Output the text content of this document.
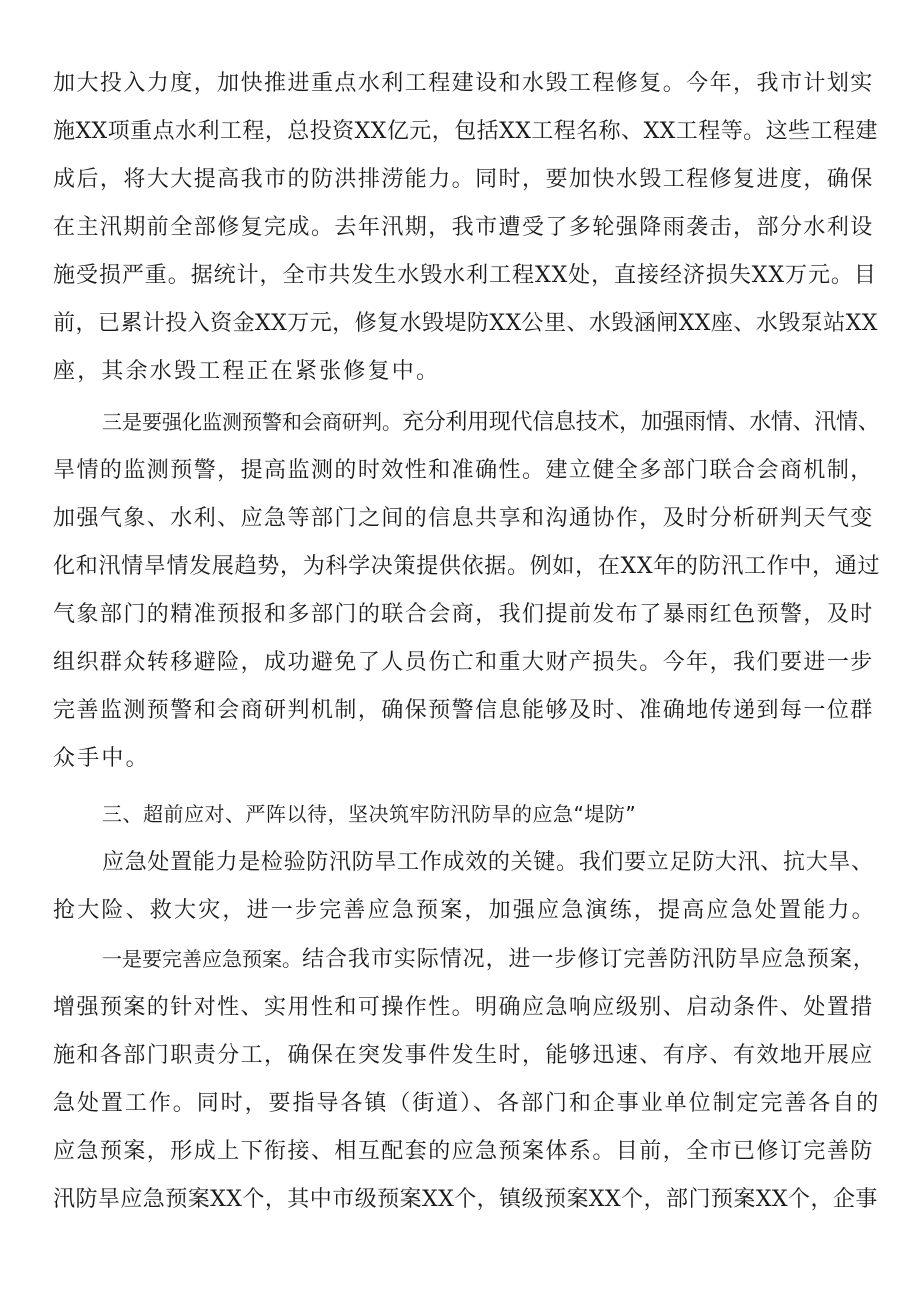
加大投入力度，加快推进重点水利工程建设和水毁工程修复。今年，我市计划实
施XX项重点水利工程，总投资XX亿元，包括XX工程名称、XX工程等。这些工程建
成后，将大大提高我市的防洪排涝能力。同时，要加快水毁工程修复进度，确保
在主汛期前全部修复完成。去年汛期，我市遭受了多轮强降雨袭击，部分水利设
施受损严重。据统计，全市共发生水毁水利工程XX处，直接经济损失XX万元。目
前，已累计投入资金XX万元，修复水毁堤防XX公里、水毁涵闸XX座、水毁泵站XX
座，其余水毁工程正在紧张修复中。
三是要强化监测预警和会商研判。充分利用现代信息技术，加强雨情、水情、汛情、
旱情的监测预警，提高监测的时效性和准确性。建立健全多部门联合会商机制，
加强气象、水利、应急等部门之间的信息共享和沟通协作，及时分析研判天气变
化和汛情旱情发展趋势，为科学决策提供依据。例如，在XX年的防汛工作中，通过
气象部门的精准预报和多部门的联合会商，我们提前发布了暴雨红色预警，及时
组织群众转移避险，成功避免了人员伤亡和重大财产损失。今年，我们要进一步
完善监测预警和会商研判机制，确保预警信息能够及时、准确地传递到每一位群
众手中。
三、超前应对、严阵以待，坚决筑牢防汛防旱的应急“堤防”
应急处置能力是检验防汛防旱工作成效的关键。我们要立足防大汛、抗大旱、
抢大险、救大灾，进一步完善应急预案，加强应急演练，提高应急处置能力。
一是要完善应急预案。结合我市实际情况，进一步修订完善防汛防旱应急预案，
增强预案的针对性、实用性和可操作性。明确应急响应级别、启动条件、处置措
施和各部门职责分工，确保在突发事件发生时，能够迅速、有序、有效地开展应
急处置工作。同时，要指导各镇（街道）、各部门和企事业单位制定完善各自的
应急预案，形成上下衔接、相互配套的应急预案体系。目前，全市已修订完善防
汛防旱应急预案XX个，其中市级预案XX个，镇级预案XX个，部门预案XX个，企事
